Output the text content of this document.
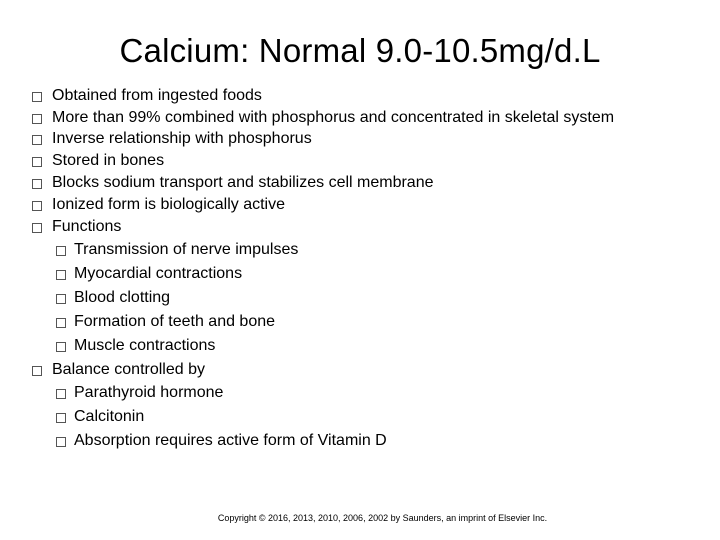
Calcium: Normal 9.0-10.5mg/d.L
Obtained from ingested foods
More than 99% combined with phosphorus and concentrated in skeletal system
Inverse relationship with phosphorus
Stored in bones
Blocks sodium transport and stabilizes cell membrane
Ionized form is biologically active
Functions
Transmission of nerve impulses
Myocardial contractions
Blood clotting
Formation of teeth and bone
Muscle contractions
Balance controlled by
Parathyroid hormone
Calcitonin
Absorption requires active form of Vitamin D
Copyright © 2016, 2013, 2010, 2006, 2002 by Saunders, an imprint of Elsevier Inc.
